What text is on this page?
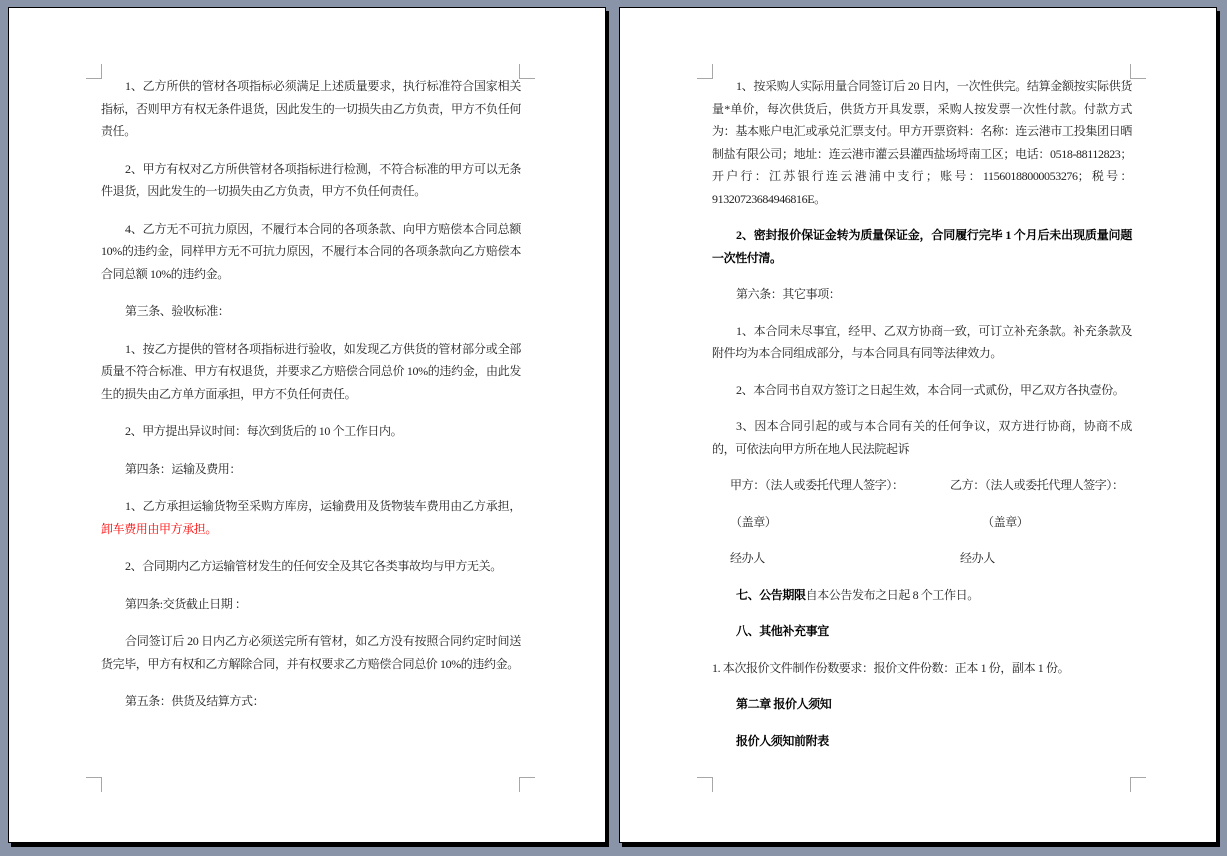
1、乙方所供的管材各项指标必须满足上述质量要求，执行标准符合国家相关指标，否则甲方有权无条件退货，因此发生的一切损失由乙方负责，甲方不负任何责任。

2、甲方有权对乙方所供管材各项指标进行检测，不符合标准的甲方可以无条件退货，因此发生的一切损失由乙方负责，甲方不负任何责任。

4、乙方无不可抗力原因，不履行本合同的各项条款、向甲方赔偿本合同总额 10%的违约金，同样甲方无不可抗力原因，不履行本合同的各项条款向乙方赔偿本合同总额 10%的违约金。

第三条、验收标准：

1、按乙方提供的管材各项指标进行验收，如发现乙方供货的管材部分或全部质量不符合标准、甲方有权退货，并要求乙方赔偿合同总价 10%的违约金，由此发生的损失由乙方单方面承担，甲方不负任何责任。

2、甲方提出异议时间：每次到货后的 10 个工作日内。

第四条：运输及费用：

1、乙方承担运输货物至采购方库房，运输费用及货物装车费用由乙方承担，卸车费用由甲方承担。

2、合同期内乙方运输管材发生的任何安全及其它各类事故均与甲方无关。

第四条:交货截止日期 ：

合同签订后 20 日内乙方必须送完所有管材，如乙方没有按照合同约定时间送货完毕，甲方有权和乙方解除合同，并有权要求乙方赔偿合同总价 10%的违约金。

第五条：供货及结算方式：

1、按采购人实际用量合同签订后 20 日内，一次性供完。结算金额按实际供货量*单价，每次供货后，供货方开具发票，采购人按发票一次性付款。付款方式为：基本账户电汇或承兑汇票支付。甲方开票资料：名称：连云港市工投集团日晒制盐有限公司；地址：连云港市灌云县灌西盐场埒南工区；电话：0518-88112823；开户行：江苏银行连云港浦中支行；账号：11560188000053276；税号：91320723684946816E。

2、密封报价保证金转为质量保证金，合同履行完毕 1 个月后未出现质量问题一次性付清。

第六条：其它事项：

1、本合同未尽事宜，经甲、乙双方协商一致，可订立补充条款。补充条款及附件均为本合同组成部分，与本合同具有同等法律效力。

2、本合同书自双方签订之日起生效，本合同一式贰份，甲乙双方各执壹份。

3、因本合同引起的或与本合同有关的任何争议，双方进行协商，协商不成的，可依法向甲方所在地人民法院起诉

甲方：（法人或委托代理人签字）：	乙方：（法人或委托代理人签字）：

（盖章）	（盖章）

经办人	经办人

七、公告期限自本公告发布之日起 8 个工作日。

八、其他补充事宜

1. 本次报价文件制作份数要求：报价文件份数：正本 1 份，副本 1 份。

第二章 报价人须知

报价人须知前附表
